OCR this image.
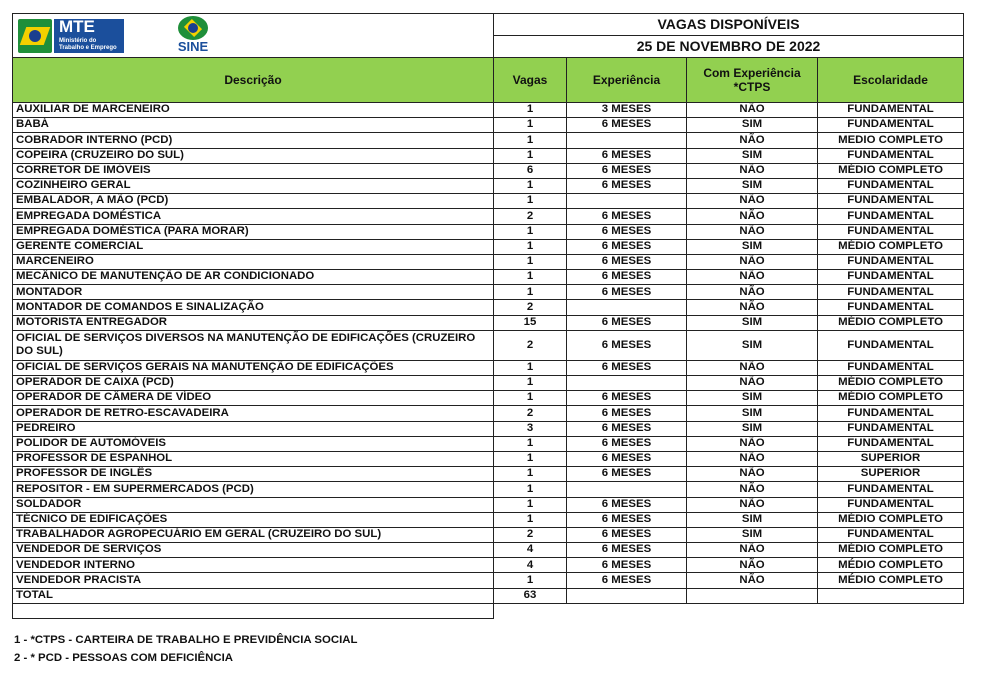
MTE
Ministério do
Trabalho e Emprego SINE	VAGAS DISPONÍVEIS			
	25 DE NOVEMBRO DE 2022			
Descrição	Vagas	Experiência	Com Experiência *CTPS	Escolaridade
AUXILIAR DE MARCENEIRO	1	3 MESES	NÃO	FUNDAMENTAL
BABÁ	1	6 MESES	SIM	FUNDAMENTAL
COBRADOR INTERNO (PCD)	1		NÃO	MEDIO COMPLETO
COPEIRA (CRUZEIRO DO SUL)	1	6 MESES	SIM	FUNDAMENTAL
CORRETOR DE IMÓVEIS	6	6 MESES	NÃO	MÉDIO COMPLETO
COZINHEIRO GERAL	1	6 MESES	SIM	FUNDAMENTAL
EMBALADOR, A MÃO (PCD)	1		NÃO	FUNDAMENTAL
EMPREGADA DOMÉSTICA	2	6 MESES	NÃO	FUNDAMENTAL
EMPREGADA DOMÉSTICA (PARA MORAR)	1	6 MESES	NÃO	FUNDAMENTAL
GERENTE COMERCIAL	1	6 MESES	SIM	MÉDIO COMPLETO
MARCENEIRO	1	6 MESES	NÃO	FUNDAMENTAL
MECÂNICO DE MANUTENÇÃO DE AR CONDICIONADO	1	6 MESES	NÃO	FUNDAMENTAL
MONTADOR	1	6 MESES	NÃO	FUNDAMENTAL
MONTADOR DE COMANDOS E SINALIZAÇÃO	2		NÃO	FUNDAMENTAL
MOTORISTA ENTREGADOR	15	6 MESES	SIM	MÉDIO COMPLETO
OFICIAL DE SERVIÇOS DIVERSOS NA MANUTENÇÃO DE EDIFICAÇÕES (CRUZEIRO DO SUL)	2	6 MESES	SIM	FUNDAMENTAL
OFICIAL DE SERVIÇOS GERAIS NA MANUTENÇÃO DE EDIFICAÇÕES	1	6 MESES	NÃO	FUNDAMENTAL
OPERADOR DE CAIXA (PCD)	1		NÃO	MÉDIO COMPLETO
OPERADOR DE CÂMERA DE VÍDEO	1	6 MESES	SIM	MÉDIO COMPLETO
OPERADOR DE RETRO-ESCAVADEIRA	2	6 MESES	SIM	FUNDAMENTAL
PEDREIRO	3	6 MESES	SIM	FUNDAMENTAL
POLIDOR DE AUTOMÓVEIS	1	6 MESES	NÃO	FUNDAMENTAL
PROFESSOR DE ESPANHOL	1	6 MESES	NÃO	SUPERIOR
PROFESSOR DE INGLÊS	1	6 MESES	NÃO	SUPERIOR
REPOSITOR - EM SUPERMERCADOS (PCD)	1		NÃO	FUNDAMENTAL
SOLDADOR	1	6 MESES	NÃO	FUNDAMENTAL
TÉCNICO DE EDIFICAÇÕES	1	6 MESES	SIM	MÉDIO COMPLETO
TRABALHADOR AGROPECUÁRIO EM GERAL (CRUZEIRO DO SUL)	2	6 MESES	SIM	FUNDAMENTAL
VENDEDOR DE SERVIÇOS	4	6 MESES	NÃO	MÉDIO COMPLETO
VENDEDOR INTERNO	4	6 MESES	NÃO	MÉDIO COMPLETO
VENDEDOR PRACISTA	1	6 MESES	NÃO	MÉDIO COMPLETO
TOTAL	63			

1 - *CTPS - CARTEIRA DE TRABALHO E PREVIDÊNCIA SOCIAL
2 - * PCD - PESSOAS COM DEFICIÊNCIA
